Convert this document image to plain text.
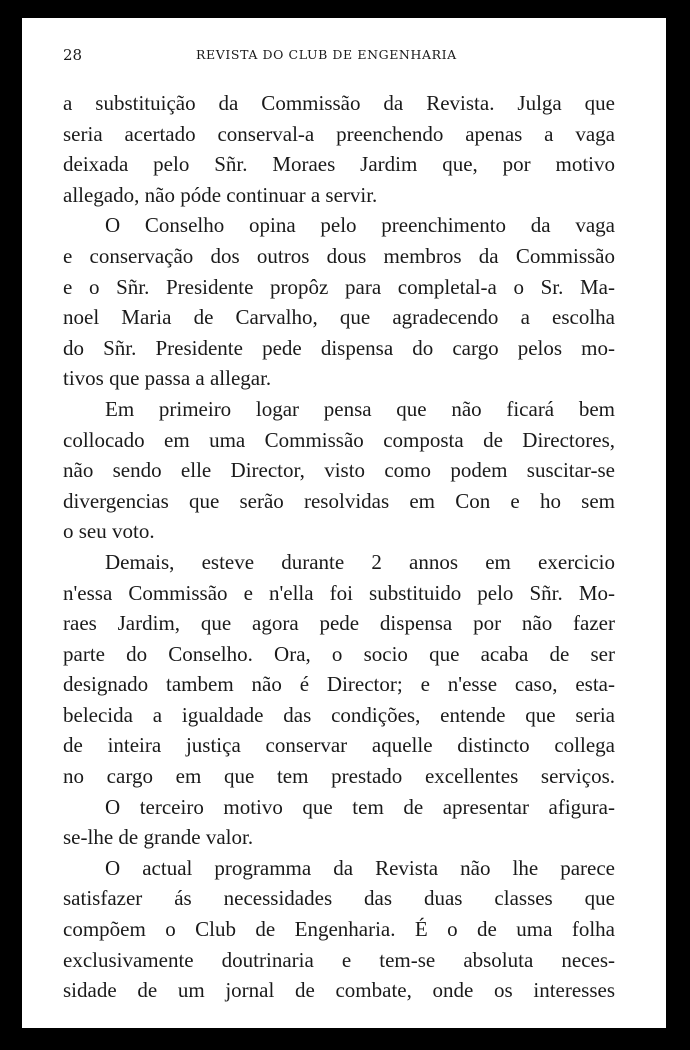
28	REVISTA DO CLUB DE ENGENHARIA
a substituição da Commissão da Revista. Julga que
seria acertado conserval-a preenchendo apenas a vaga
deixada pelo Sñr. Moraes Jardim que, por motivo
allegado, não póde continuar a servir.
O Conselho opina pelo preenchimento da vaga
e conservação dos outros dous membros da Commissão
e o Sñr. Presidente propôz para completal-a o Sr. Ma-
noel Maria de Carvalho, que agradecendo a escolha
do Sñr. Presidente pede dispensa do cargo pelos mo-
tivos que passa a allegar.
Em primeiro logar pensa que não ficará bem
collocado em uma Commissão composta de Directores,
não sendo elle Director, visto como podem suscitar-se
divergencias que serão resolvidas em Con e ho sem
o seu voto.
Demais, esteve durante 2 annos em exercicio
n'essa Commissão e n'ella foi substituido pelo Sñr. Mo-
raes Jardim, que agora pede dispensa por não fazer
parte do Conselho. Ora, o socio que acaba de ser
designado tambem não é Director; e n'esse caso, esta-
belecida a igualdade das condições, entende que seria
de inteira justiça conservar aquelle distincto collega
no cargo em que tem prestado excellentes serviços.
O terceiro motivo que tem de apresentar afigura-
se-lhe de grande valor.
O actual programma da Revista não lhe parece
satisfazer ás necessidades das duas classes que
compõem o Club de Engenharia. É o de uma folha
exclusivamente doutrinaria e tem-se absoluta neces-
sidade de um jornal de combate, onde os interesses
